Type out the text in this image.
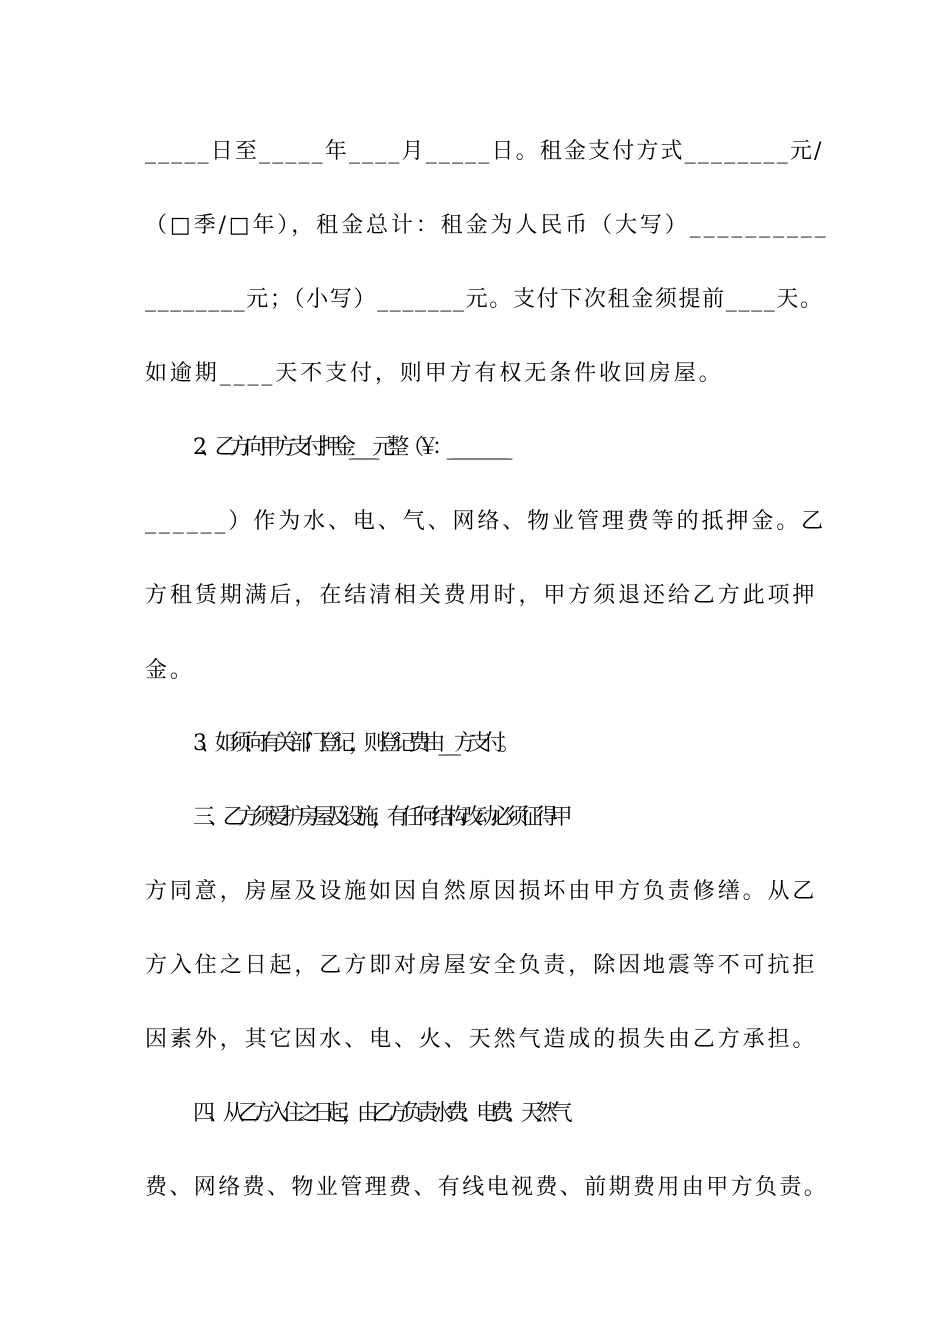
_____日至_____年____月_____日。租金支付方式________元/
（□季/□年），租金总计：租金为人民币（大写）__________
________元；（小写）_______元。支付下次租金须提前____天。
如逾期____天不支付，则甲方有权无条件收回房屋。
2、乙方向甲方支付押金______元整（￥：_______________
______）作为水、电、气、网络、物业管理费等的抵押金。乙
方租赁期满后，在结清相关费用时，甲方须退还给乙方此项押
金。
3、如须向有关部门登记，则登记费由____方支付。
三、乙方须爱护房屋及设施，有任何结构改动必须征得甲
方同意，房屋及设施如因自然原因损坏由甲方负责修缮。从乙
方入住之日起，乙方即对房屋安全负责，除因地震等不可抗拒
因素外，其它因水、电、火、天然气造成的损失由乙方承担。
四、从乙方入住之日起，由乙方负责水费、电费、天然气
费、网络费、物业管理费、有线电视费、前期费用由甲方负责。
